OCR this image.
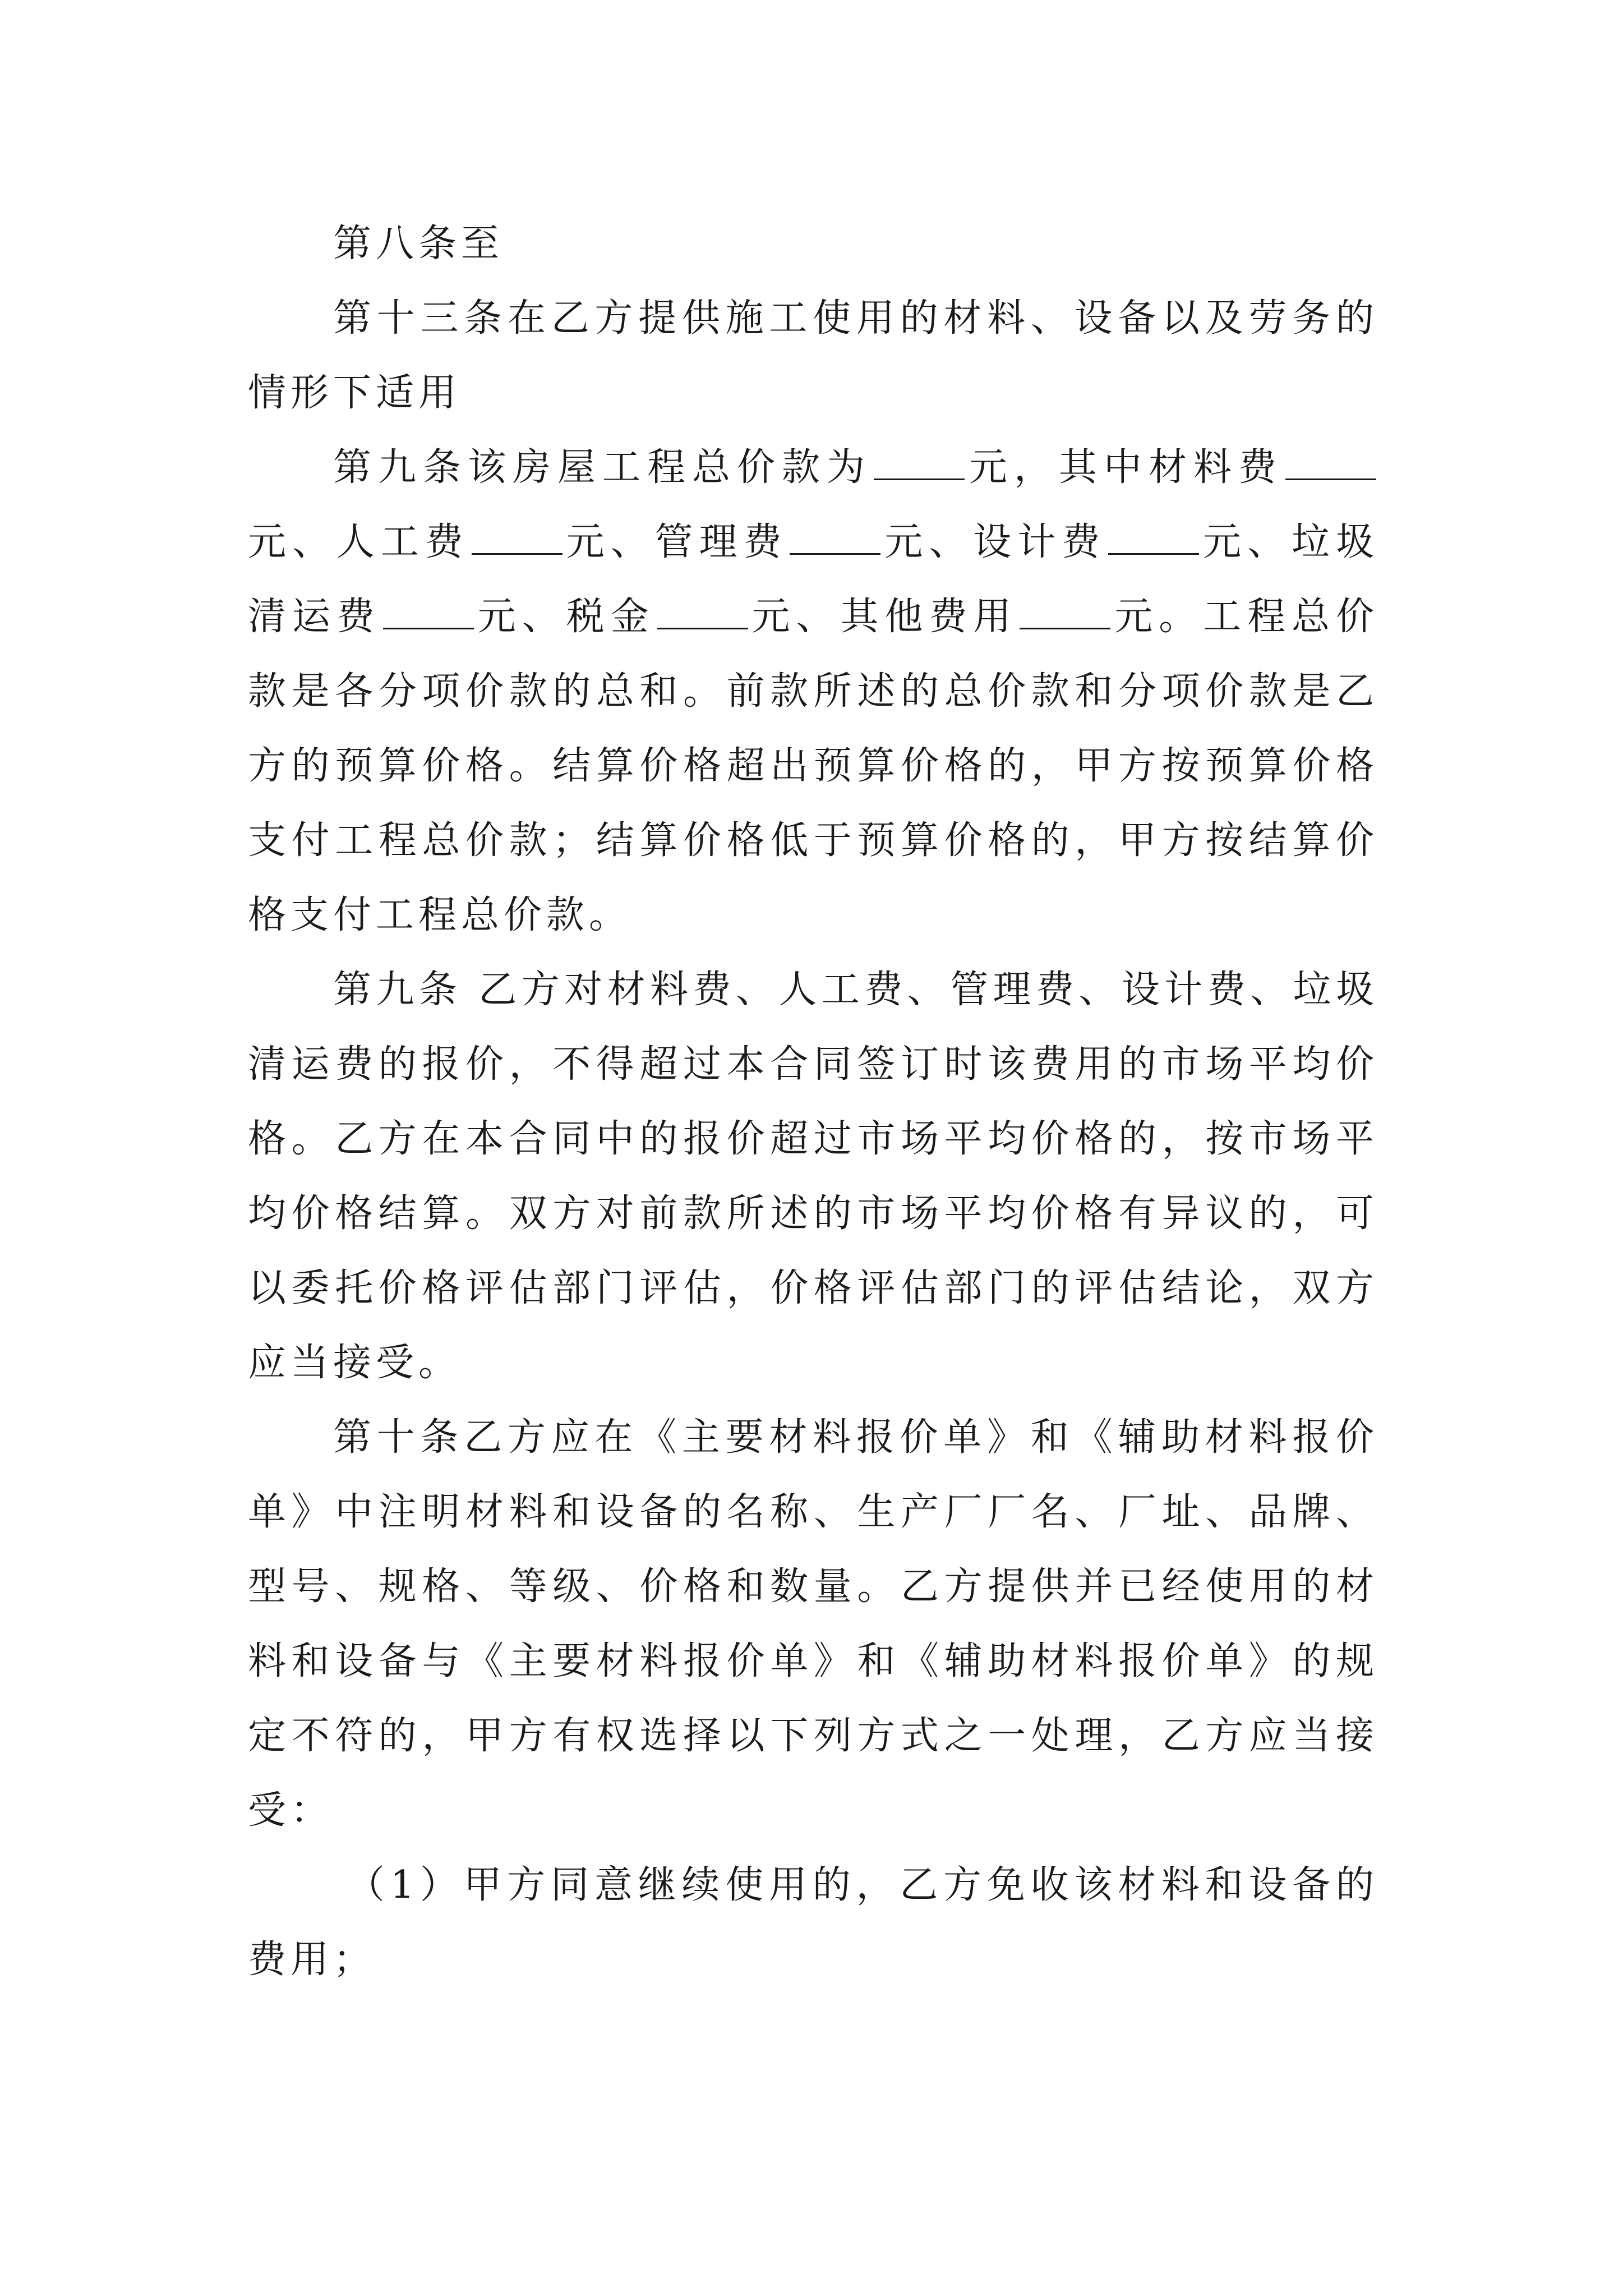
第八条至

第十三条在乙方提供施工使用的材料、设备以及劳务的情形下适用

第九条该房屋工程总价款为	元，其中材料费元、人工费	元、管理费	元、设计费	元、垃圾清运费	元、税金	元、其他费用	元。工程总价款是各分项价款的总和。前款所述的总价款和分项价款是乙方的预算价格。结算价格超出预算价格的，甲方按预算价格支付工程总价款；结算价格低于预算价格的，甲方按结算价格支付工程总价款。

第九条 乙方对材料费、人工费、管理费、设计费、垃圾清运费的报价，不得超过本合同签订时该费用的市场平均价格。乙方在本合同中的报价超过市场平均价格的，按市场平均价格结算。双方对前款所述的市场平均价格有异议的，可以委托价格评估部门评估，价格评估部门的评估结论，双方应当接受。

第十条乙方应在《主要材料报价单》和《辅助材料报价单》中注明材料和设备的名称、生产厂厂名、厂址、品牌、型号、规格、等级、价格和数量。乙方提供并已经使用的材料和设备与《主要材料报价单》和《辅助材料报价单》的规定不符的，甲方有权选择以下列方式之一处理，乙方应当接受：

（1）甲方同意继续使用的，乙方免收该材料和设备的费用；
